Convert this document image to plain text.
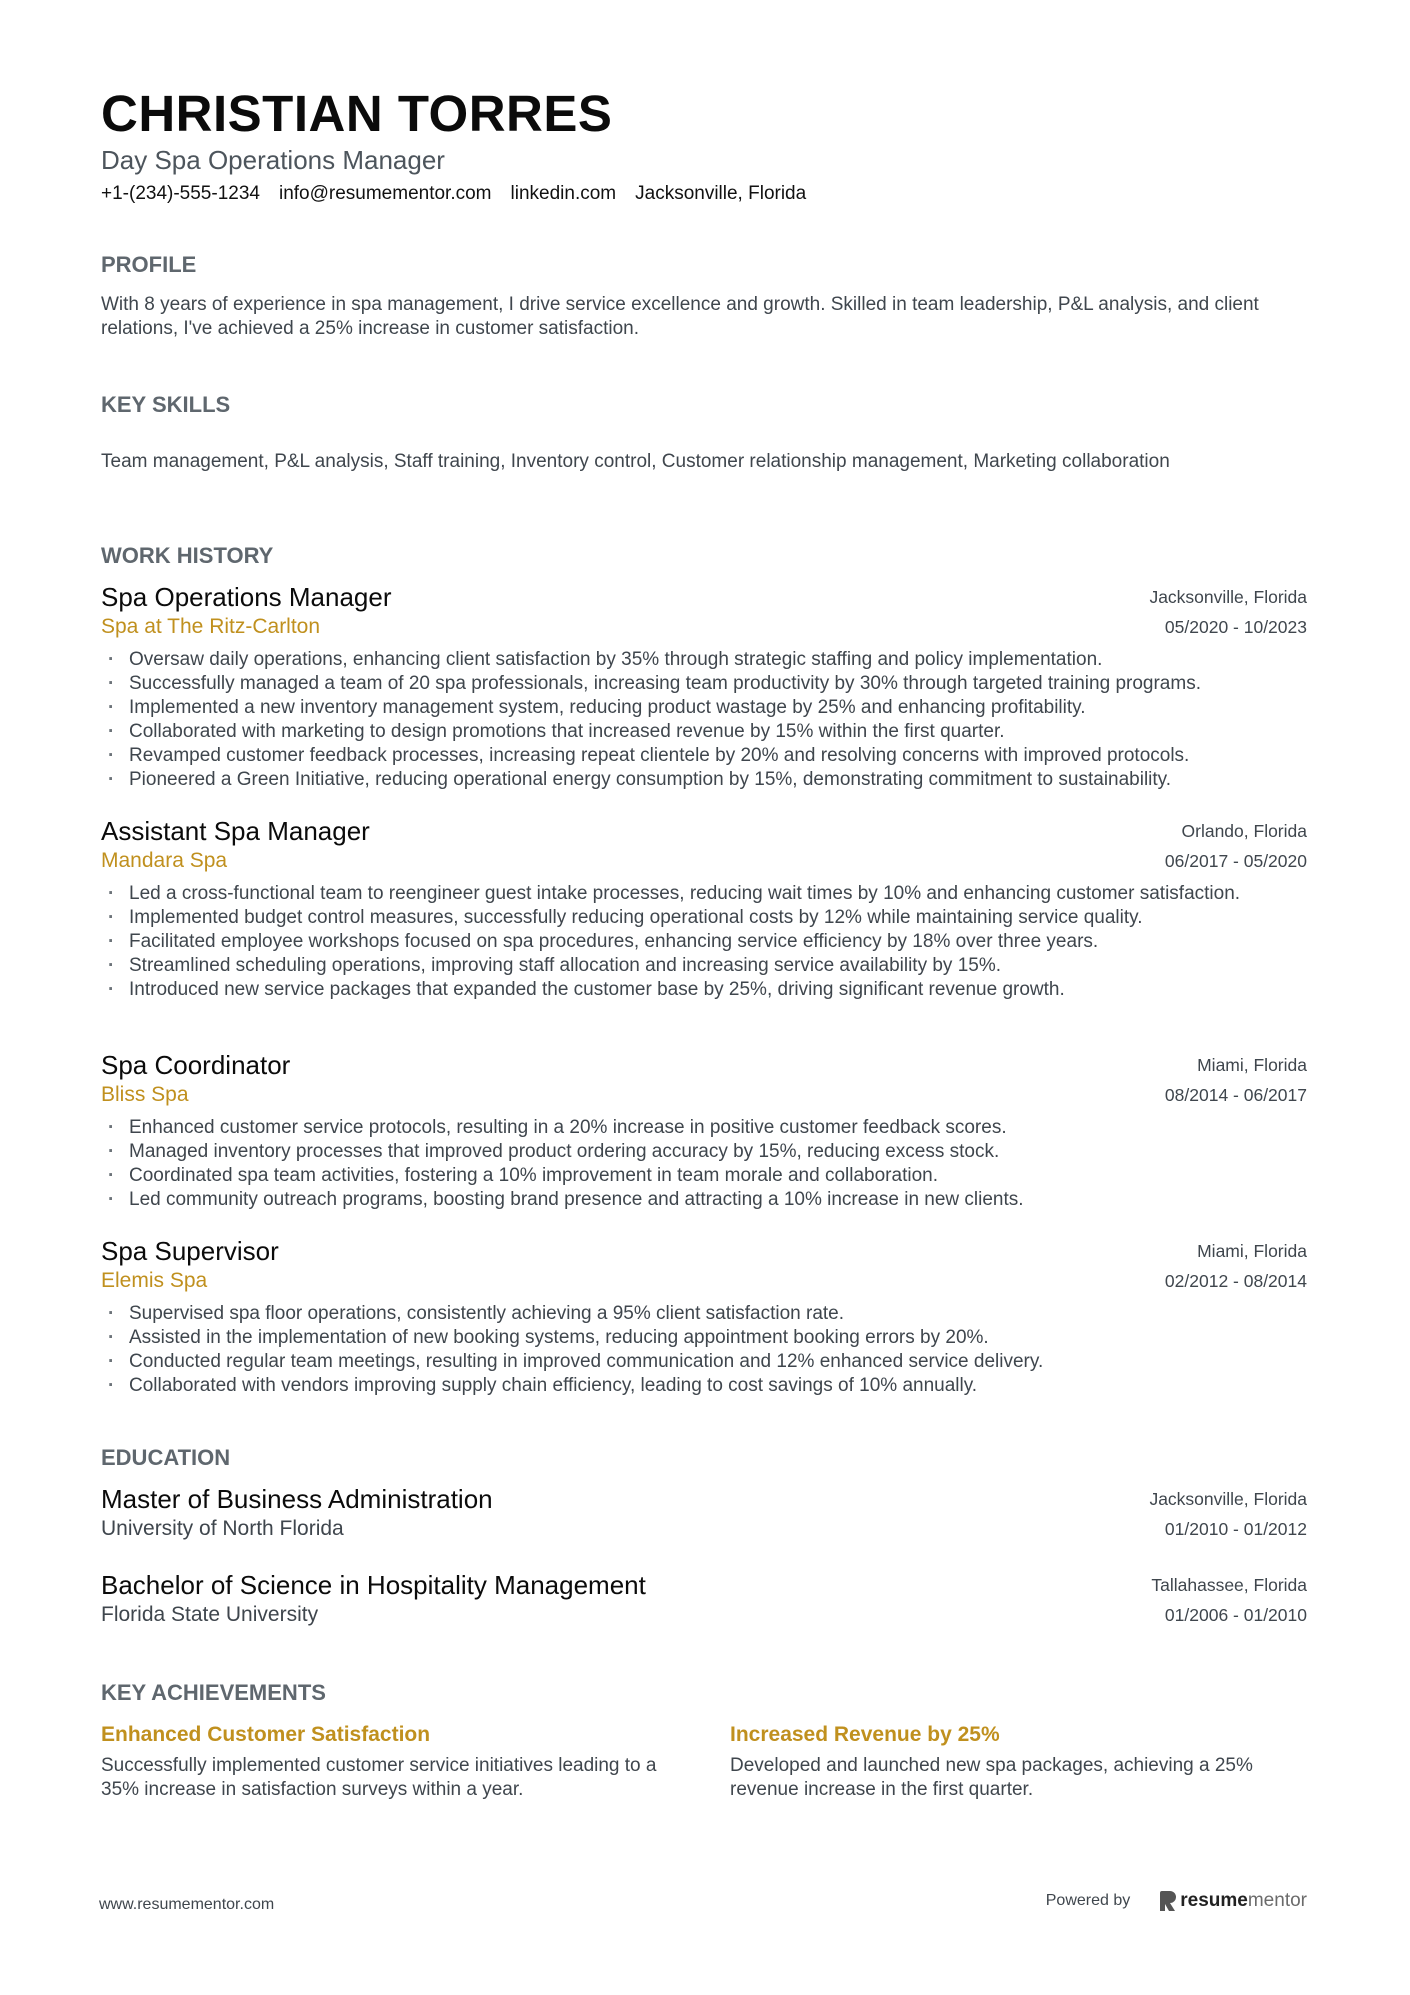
CHRISTIAN TORRES
Day Spa Operations Manager
+1-(234)-555-1234 info@resumementor.com linkedin.com Jacksonville, Florida
PROFILE
With 8 years of experience in spa management, I drive service excellence and growth. Skilled in team leadership, P&L analysis, and client relations, I've achieved a 25% increase in customer satisfaction.
KEY SKILLS
Team management, P&L analysis, Staff training, Inventory control, Customer relationship management, Marketing collaboration
WORK HISTORY
Spa Operations Manager
Spa at The Ritz-Carlton
Jacksonville, Florida
05/2020 - 10/2023
· Oversaw daily operations, enhancing client satisfaction by 35% through strategic staffing and policy implementation.
· Successfully managed a team of 20 spa professionals, increasing team productivity by 30% through targeted training programs.
· Implemented a new inventory management system, reducing product wastage by 25% and enhancing profitability.
· Collaborated with marketing to design promotions that increased revenue by 15% within the first quarter.
· Revamped customer feedback processes, increasing repeat clientele by 20% and resolving concerns with improved protocols.
· Pioneered a Green Initiative, reducing operational energy consumption by 15%, demonstrating commitment to sustainability.
Assistant Spa Manager
Mandara Spa
Orlando, Florida
06/2017 - 05/2020
· Led a cross-functional team to reengineer guest intake processes, reducing wait times by 10% and enhancing customer satisfaction.
· Implemented budget control measures, successfully reducing operational costs by 12% while maintaining service quality.
· Facilitated employee workshops focused on spa procedures, enhancing service efficiency by 18% over three years.
· Streamlined scheduling operations, improving staff allocation and increasing service availability by 15%.
· Introduced new service packages that expanded the customer base by 25%, driving significant revenue growth.
Spa Coordinator
Bliss Spa
Miami, Florida
08/2014 - 06/2017
· Enhanced customer service protocols, resulting in a 20% increase in positive customer feedback scores.
· Managed inventory processes that improved product ordering accuracy by 15%, reducing excess stock.
· Coordinated spa team activities, fostering a 10% improvement in team morale and collaboration.
· Led community outreach programs, boosting brand presence and attracting a 10% increase in new clients.
Spa Supervisor
Elemis Spa
Miami, Florida
02/2012 - 08/2014
· Supervised spa floor operations, consistently achieving a 95% client satisfaction rate.
· Assisted in the implementation of new booking systems, reducing appointment booking errors by 20%.
· Conducted regular team meetings, resulting in improved communication and 12% enhanced service delivery.
· Collaborated with vendors improving supply chain efficiency, leading to cost savings of 10% annually.
EDUCATION
Master of Business Administration
University of North Florida
Jacksonville, Florida
01/2010 - 01/2012
Bachelor of Science in Hospitality Management
Florida State University
Tallahassee, Florida
01/2006 - 01/2010
KEY ACHIEVEMENTS
Enhanced Customer Satisfaction
Successfully implemented customer service initiatives leading to a 35% increase in satisfaction surveys within a year.
Increased Revenue by 25%
Developed and launched new spa packages, achieving a 25% revenue increase in the first quarter.
www.resumementor.com	Powered by	resumementor
